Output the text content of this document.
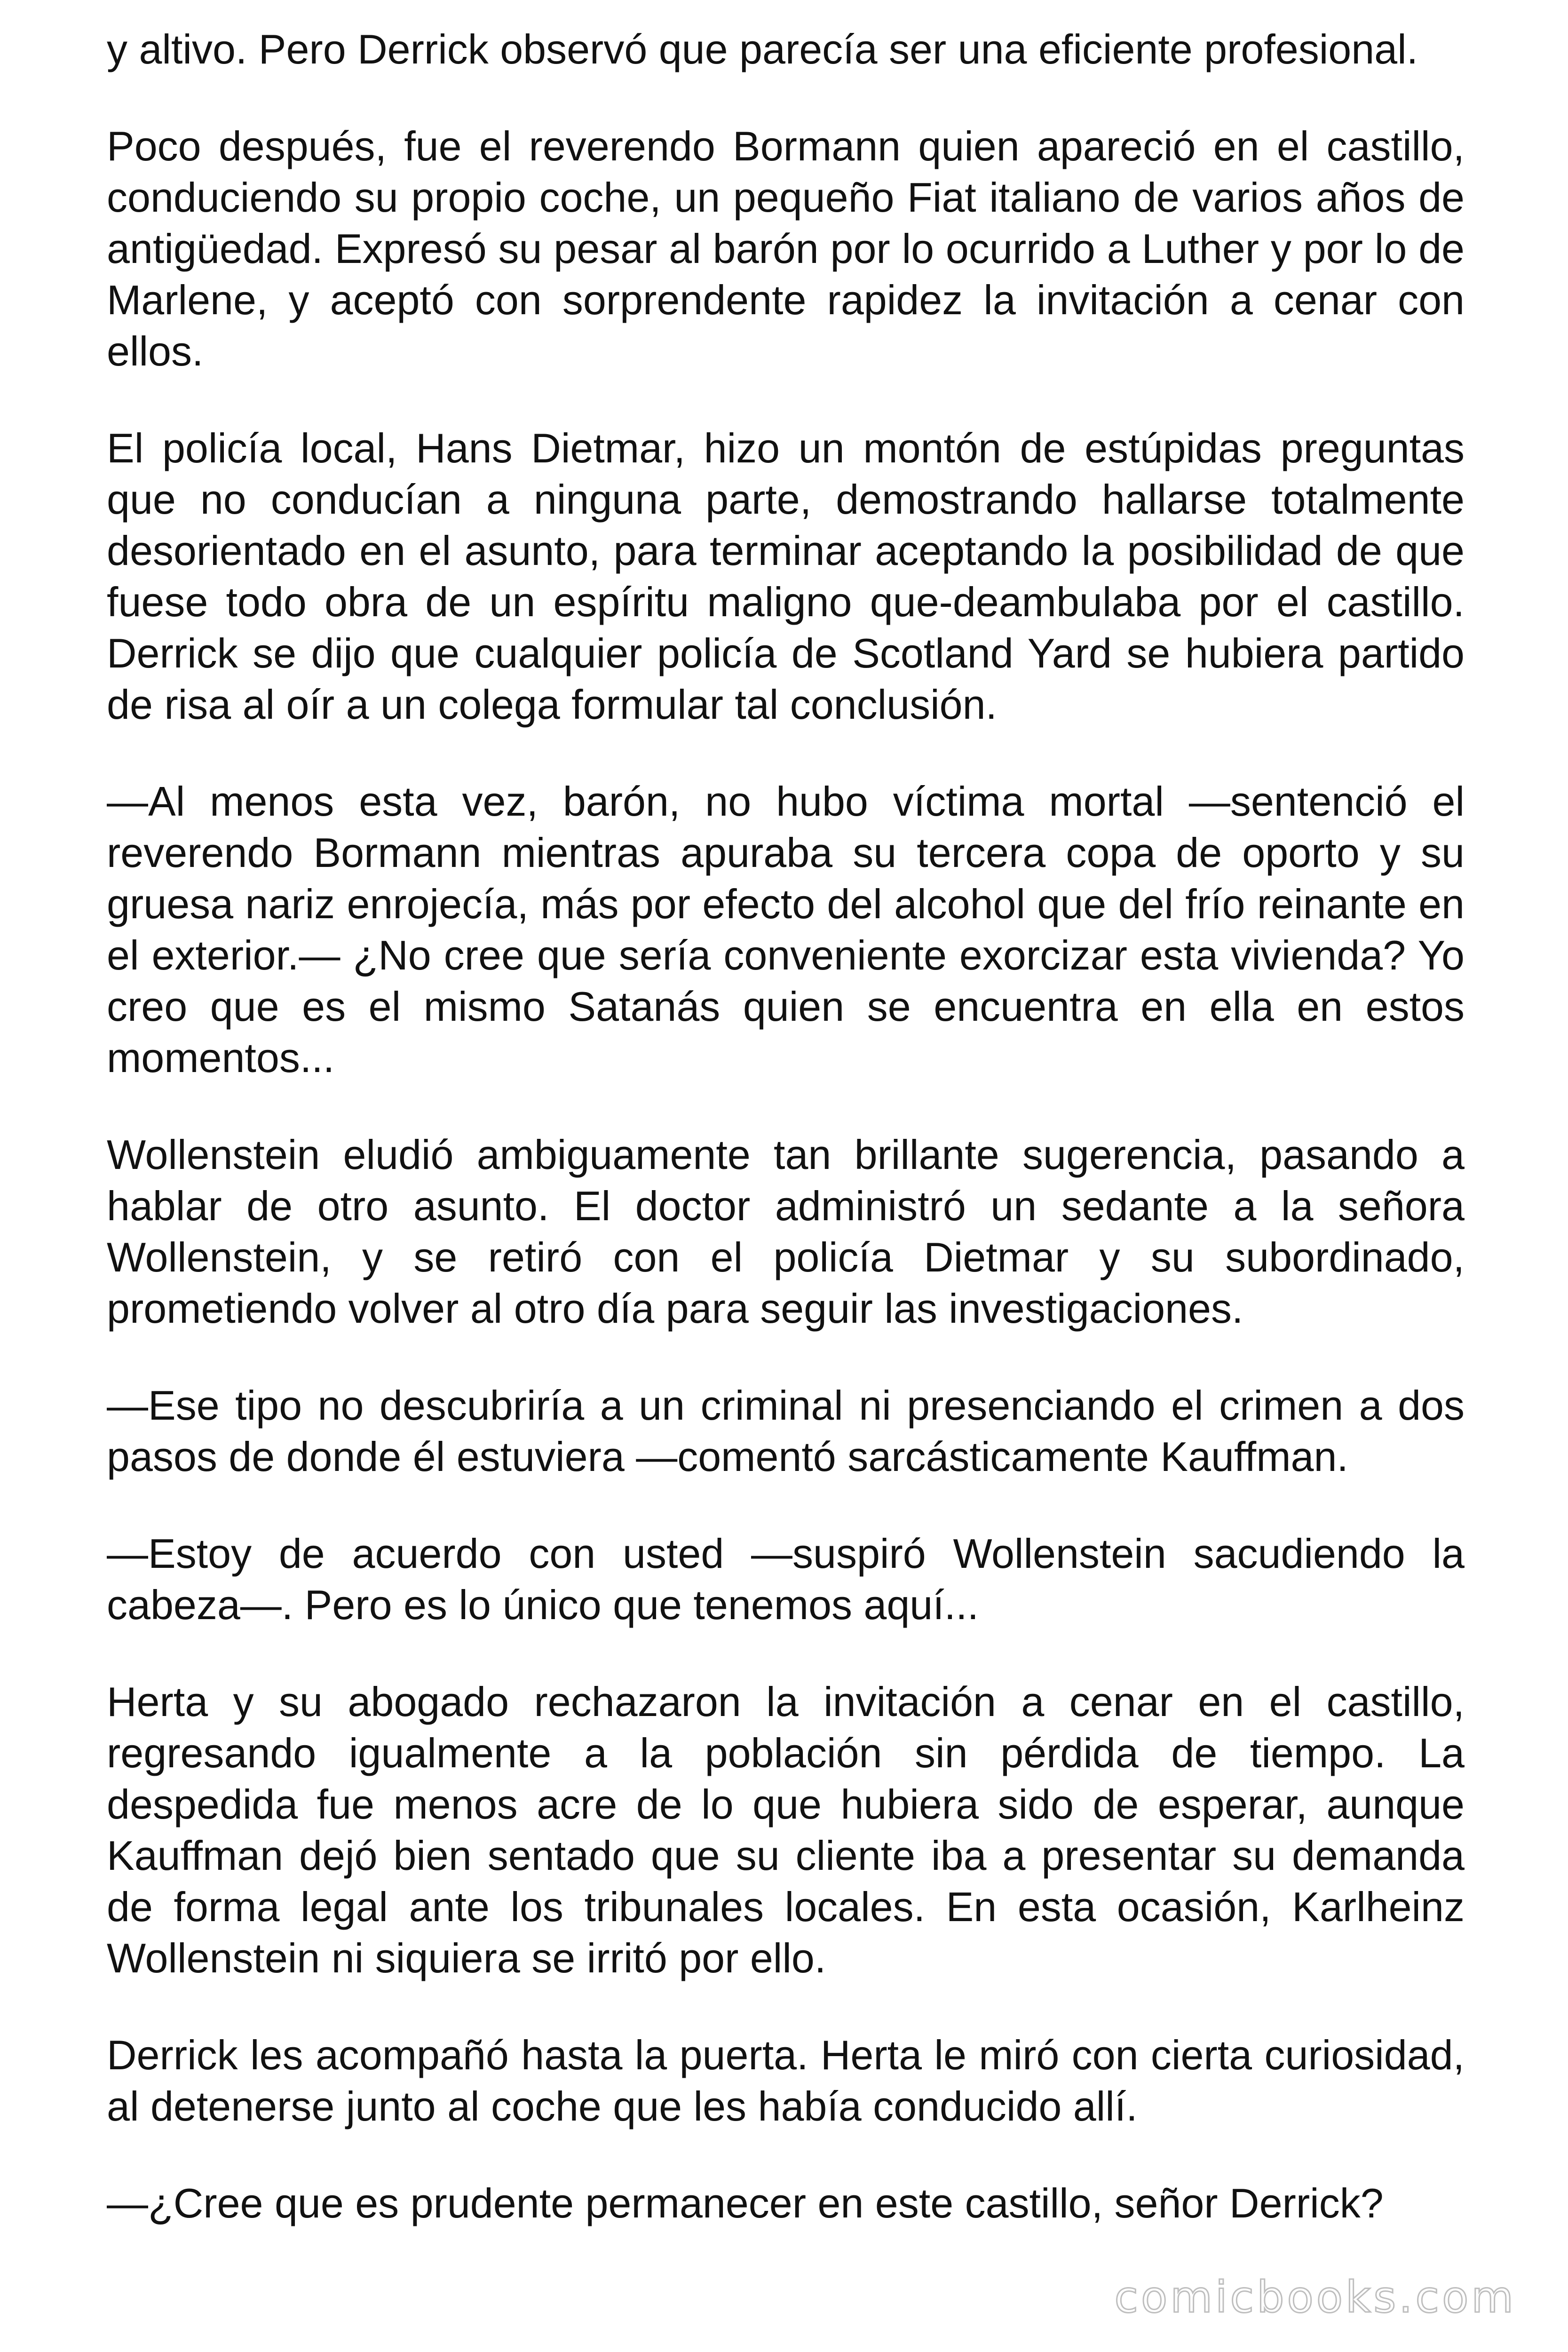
y altivo. Pero Derrick observó que parecía ser una eficiente profesional.

Poco después, fue el reverendo Bormann quien apareció en el castillo, conduciendo su propio coche, un pequeño Fiat italiano de varios años de antigüedad. Expresó su pesar al barón por lo ocurrido a Luther y por lo de Marlene, y aceptó con sorprendente rapidez la invitación a cenar con ellos.

El policía local, Hans Dietmar, hizo un montón de estúpidas preguntas que no conducían a ninguna parte, demostrando hallarse totalmente desorientado en el asunto, para terminar aceptando la posibilidad de que fuese todo obra de un espíritu maligno que-deambulaba por el castillo. Derrick se dijo que cualquier policía de Scotland Yard se hubiera partido de risa al oír a un colega formular tal conclusión.

—Al menos esta vez, barón, no hubo víctima mortal —sentenció el reverendo Bormann mientras apuraba su tercera copa de oporto y su gruesa nariz enrojecía, más por efecto del alcohol que del frío reinante en el exterior.— ¿No cree que sería conveniente exorcizar esta vivienda? Yo creo que es el mismo Satanás quien se encuentra en ella en estos momentos...

Wollenstein eludió ambiguamente tan brillante sugerencia, pasando a hablar de otro asunto. El doctor administró un sedante a la señora Wollenstein, y se retiró con el policía Dietmar y su subordinado, prometiendo volver al otro día para seguir las investigaciones.

—Ese tipo no descubriría a un criminal ni presenciando el crimen a dos pasos de donde él estuviera —comentó sarcásticamente Kauffman.

—Estoy de acuerdo con usted —suspiró Wollenstein sacudiendo la cabeza—. Pero es lo único que tenemos aquí...

Herta y su abogado rechazaron la invitación a cenar en el castillo, regresando igualmente a la población sin pérdida de tiempo. La despedida fue menos acre de lo que hubiera sido de esperar, aunque Kauffman dejó bien sentado que su cliente iba a presentar su demanda de forma legal ante los tribunales locales. En esta ocasión, Karlheinz Wollenstein ni siquiera se irritó por ello.

Derrick les acompañó hasta la puerta. Herta le miró con cierta curiosidad, al detenerse junto al coche que les había conducido allí.

—¿Cree que es prudente permanecer en este castillo, señor Derrick?

comicbooks.com
